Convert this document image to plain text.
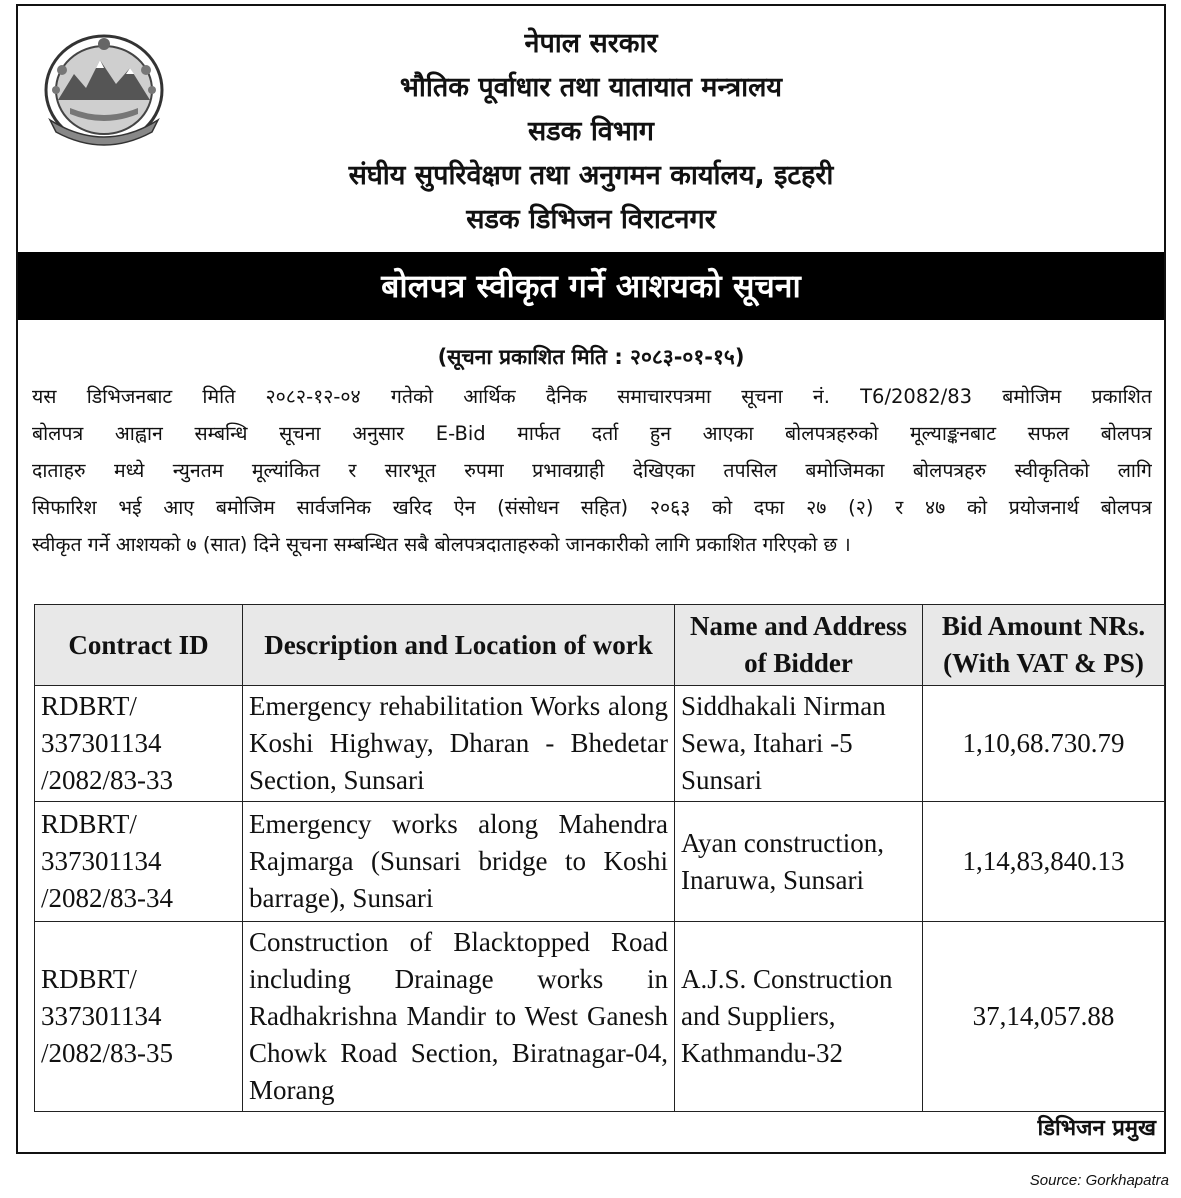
नेपाल सरकार
भौतिक पूर्वाधार तथा यातायात मन्त्रालय
सडक विभाग
संघीय सुपरिवेक्षण तथा अनुगमन कार्यालय, इटहरी
सडक डिभिजन विराटनगर
बोलपत्र स्वीकृत गर्ने आशयको सूचना
(सूचना प्रकाशित मिति : २०८३-०१-१५)
यस डिभिजनबाट मिति २०८२-१२-०४ गतेको आर्थिक दैनिक समाचारपत्रमा सूचना नं. T6/2082/83 बमोजिम प्रकाशित
बोलपत्र आह्वान सम्बन्धि सूचना अनुसार E-Bid मार्फत दर्ता हुन आएका बोलपत्रहरुको मूल्याङ्कनबाट सफल बोलपत्र
दाताहरु मध्ये न्युनतम मूल्यांकित र सारभूत रुपमा प्रभावग्राही देखिएका तपसिल बमोजिमका बोलपत्रहरु स्वीकृतिको लागि
सिफारिश भई आए बमोजिम सार्वजनिक खरिद ऐन (संसोधन सहित) २०६३ को दफा २७ (२) र ४७ को प्रयोजनार्थ बोलपत्र
स्वीकृत गर्ने आशयको ७ (सात) दिने सूचना सम्बन्धित सबै बोलपत्रदाताहरुको जानकारीको लागि प्रकाशित गरिएको छ ।
Contract ID	Description and Location of work	Name and Address of Bidder	Bid Amount NRs. (With VAT & PS)
RDBRT/ 337301134 /2082/83-33	Emergency rehabilitation Works along Koshi Highway, Dharan - Bhedetar Section, Sunsari	Siddhakali Nirman Sewa, Itahari -5 Sunsari	1,10,68.730.79
RDBRT/ 337301134 /2082/83-34	Emergency works along Mahendra Rajmarga (Sunsari bridge to Koshi barrage), Sunsari	Ayan construction, Inaruwa, Sunsari	1,14,83,840.13
RDBRT/ 337301134 /2082/83-35	Construction of Blacktopped Road including Drainage works in Radhakrishna Mandir to West Ganesh Chowk Road Section, Biratnagar-04, Morang	A.J.S. Construction and Suppliers, Kathmandu-32	37,14,057.88
डिभिजन प्रमुख
Source: Gorkhapatra
